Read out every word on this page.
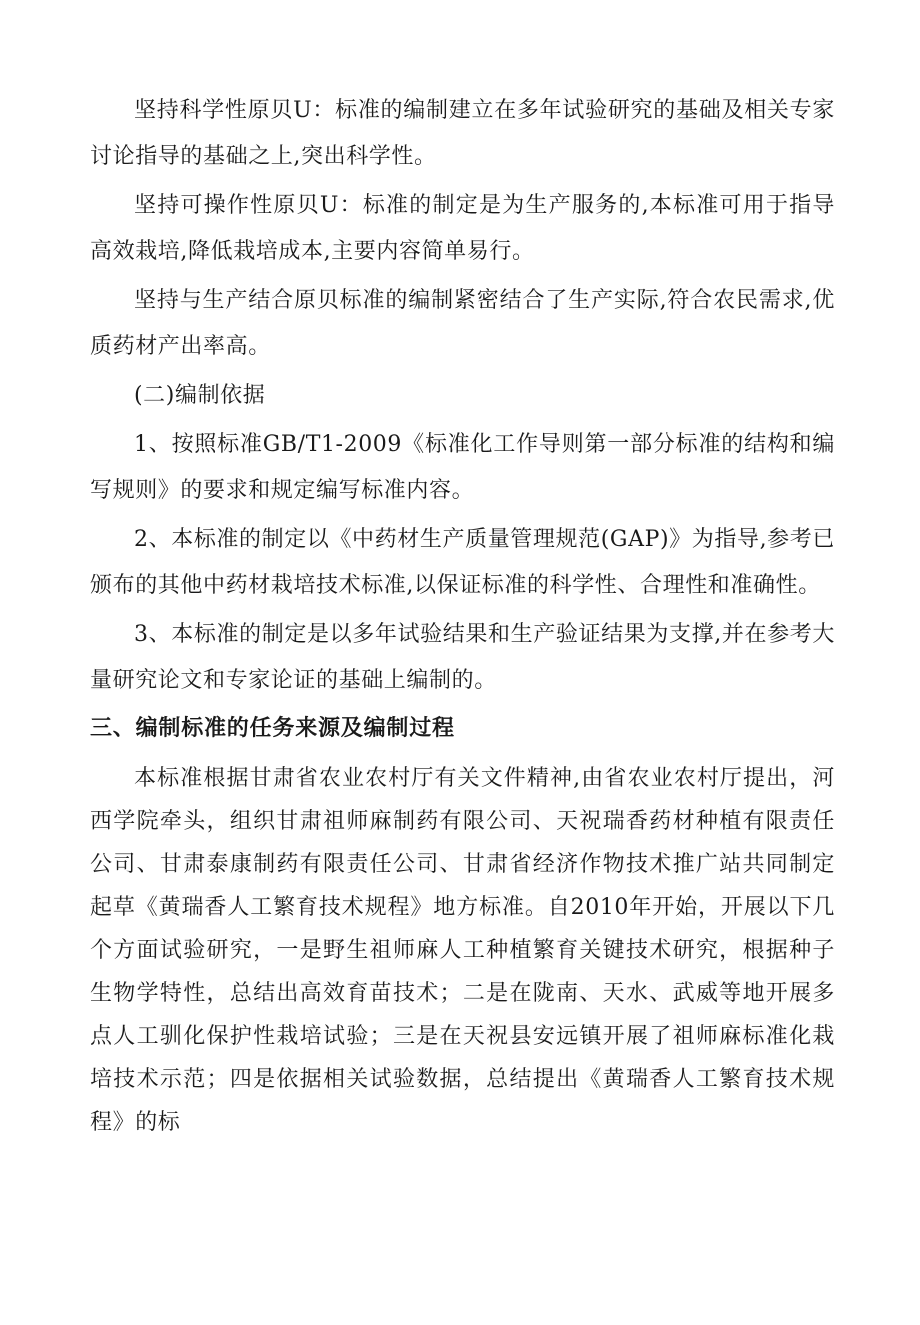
坚持科学性原贝U：标准的编制建立在多年试验研究的基础及相关专家讨论指导的基础之上,突出科学性。

坚持可操作性原贝U：标准的制定是为生产服务的,本标准可用于指导高效栽培,降低栽培成本,主要内容简单易行。

坚持与生产结合原贝标准的编制紧密结合了生产实际,符合农民需求,优质药材产出率高。

(二)编制依据

1、按照标准GB/T1-2009《标准化工作导则第一部分标准的结构和编写规则》的要求和规定编写标准内容。

2、本标准的制定以《中药材生产质量管理规范(GAP)》为指导,参考已颁布的其他中药材栽培技术标准,以保证标准的科学性、合理性和准确性。

3、本标准的制定是以多年试验结果和生产验证结果为支撑,并在参考大量研究论文和专家论证的基础上编制的。

三、编制标准的任务来源及编制过程

本标准根据甘肃省农业农村厅有关文件精神,由省农业农村厅提出，河西学院牵头，组织甘肃祖师麻制药有限公司、天祝瑞香药材种植有限责任公司、甘肃泰康制药有限责任公司、甘肃省经济作物技术推广站共同制定起草《黄瑞香人工繁育技术规程》地方标准。自2010年开始，开展以下几个方面试验研究，一是野生祖师麻人工种植繁育关键技术研究，根据种子生物学特性，总结出高效育苗技术；二是在陇南、天水、武威等地开展多点人工驯化保护性栽培试验；三是在天祝县安远镇开展了祖师麻标准化栽培技术示范；四是依据相关试验数据，总结提出《黄瑞香人工繁育技术规程》的标
